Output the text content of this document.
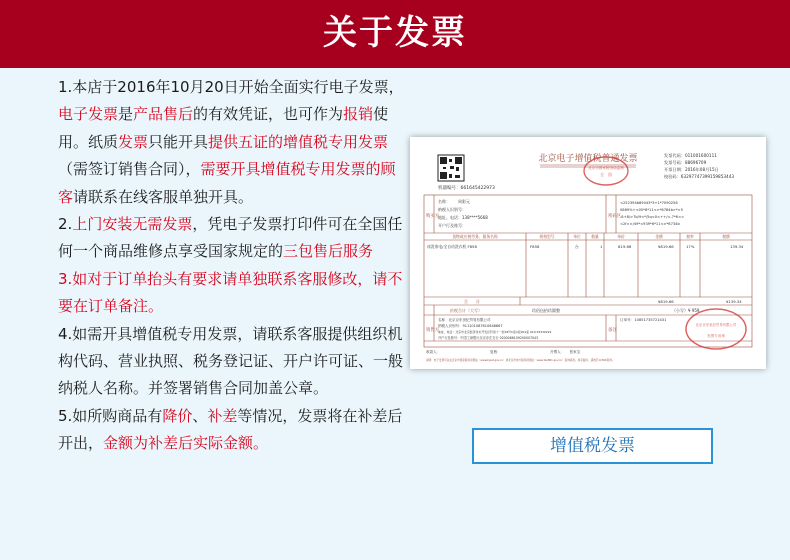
关于发票

1.本店于2016年10月20日开始全面实行电子发票，电子发票是产品售后的有效凭证，也可作为报销使用。纸质发票只能开具提供五证的增值税专用发票（需签订销售合同），需要开具增值税专用发票的顾客请联系在线客服单独开具。

2.上门安装无需发票，凭电子发票打印件可在全国任何一个商品维修点享受国家规定的三包售后服务

3.如对于订单抬头有要求请单独联系客服修改，请不要在订单备注。

4.如需开具增值税专用发票，请联系客服提供组织机构代码、营业执照、税务登记证、开户许可证、一般纳税人名称。并签署销售合同加盖公章。

5.如所购商品有降价、补差等情况，发票将在补差后开出，金额为补差后实际金额。

机器编号：661645422973
北京电子增值税普通发票
北京市国家税务局监制
全　国
发票代码：011001600111
发票号码：88696709
开票日期：2016年08月15日
校验码：63297747399159853443
购买方
名称：　　周彩元
纳税人识别号：
地址、电话：138****5668
开户行及账号：
密码区
<252394b89043*3+1*7090256
0869%+<05*6*11<>*6784b>*>5
-6+8/>7b/9<*/5q<0<++/<-7*6<<
<2f>>/49*<939*6*11<>*6734b
货物或应税劳务、服务名称	规格型号	单位	数量	单价	金额	税率	税额
冰洗家电/全自动洗衣机 F858	F858	台	1	819.66	¥819.66	17%	139.34
合　　计	¥819.66	¥139.34
价税合计（大写）	玖佰伍拾玖圆整	（小写）¥ 959
销售方
名称：北京京东世纪贸易有限公司
纳税人识别号：911101087610648667
地址、电话：北京市北京经济技术开发区科创十一街18号C座2层201室 010-53330229
开户行及账号：中国工商银行北京亦庄支行 0200066109200007043
备注
订单号：10851735721431
北京京东世纪贸易有限公司
发票专用章
收款人：	复核：	开票人： 　张家宝
说明：电子发票可以在北京市国家税务局网站（www.bjsat.gov.cn）或北京市地方税务局网站（www.tax861.gov.cn）查询真伪。如有疑问，请拨打12366咨询。
增值税发票
